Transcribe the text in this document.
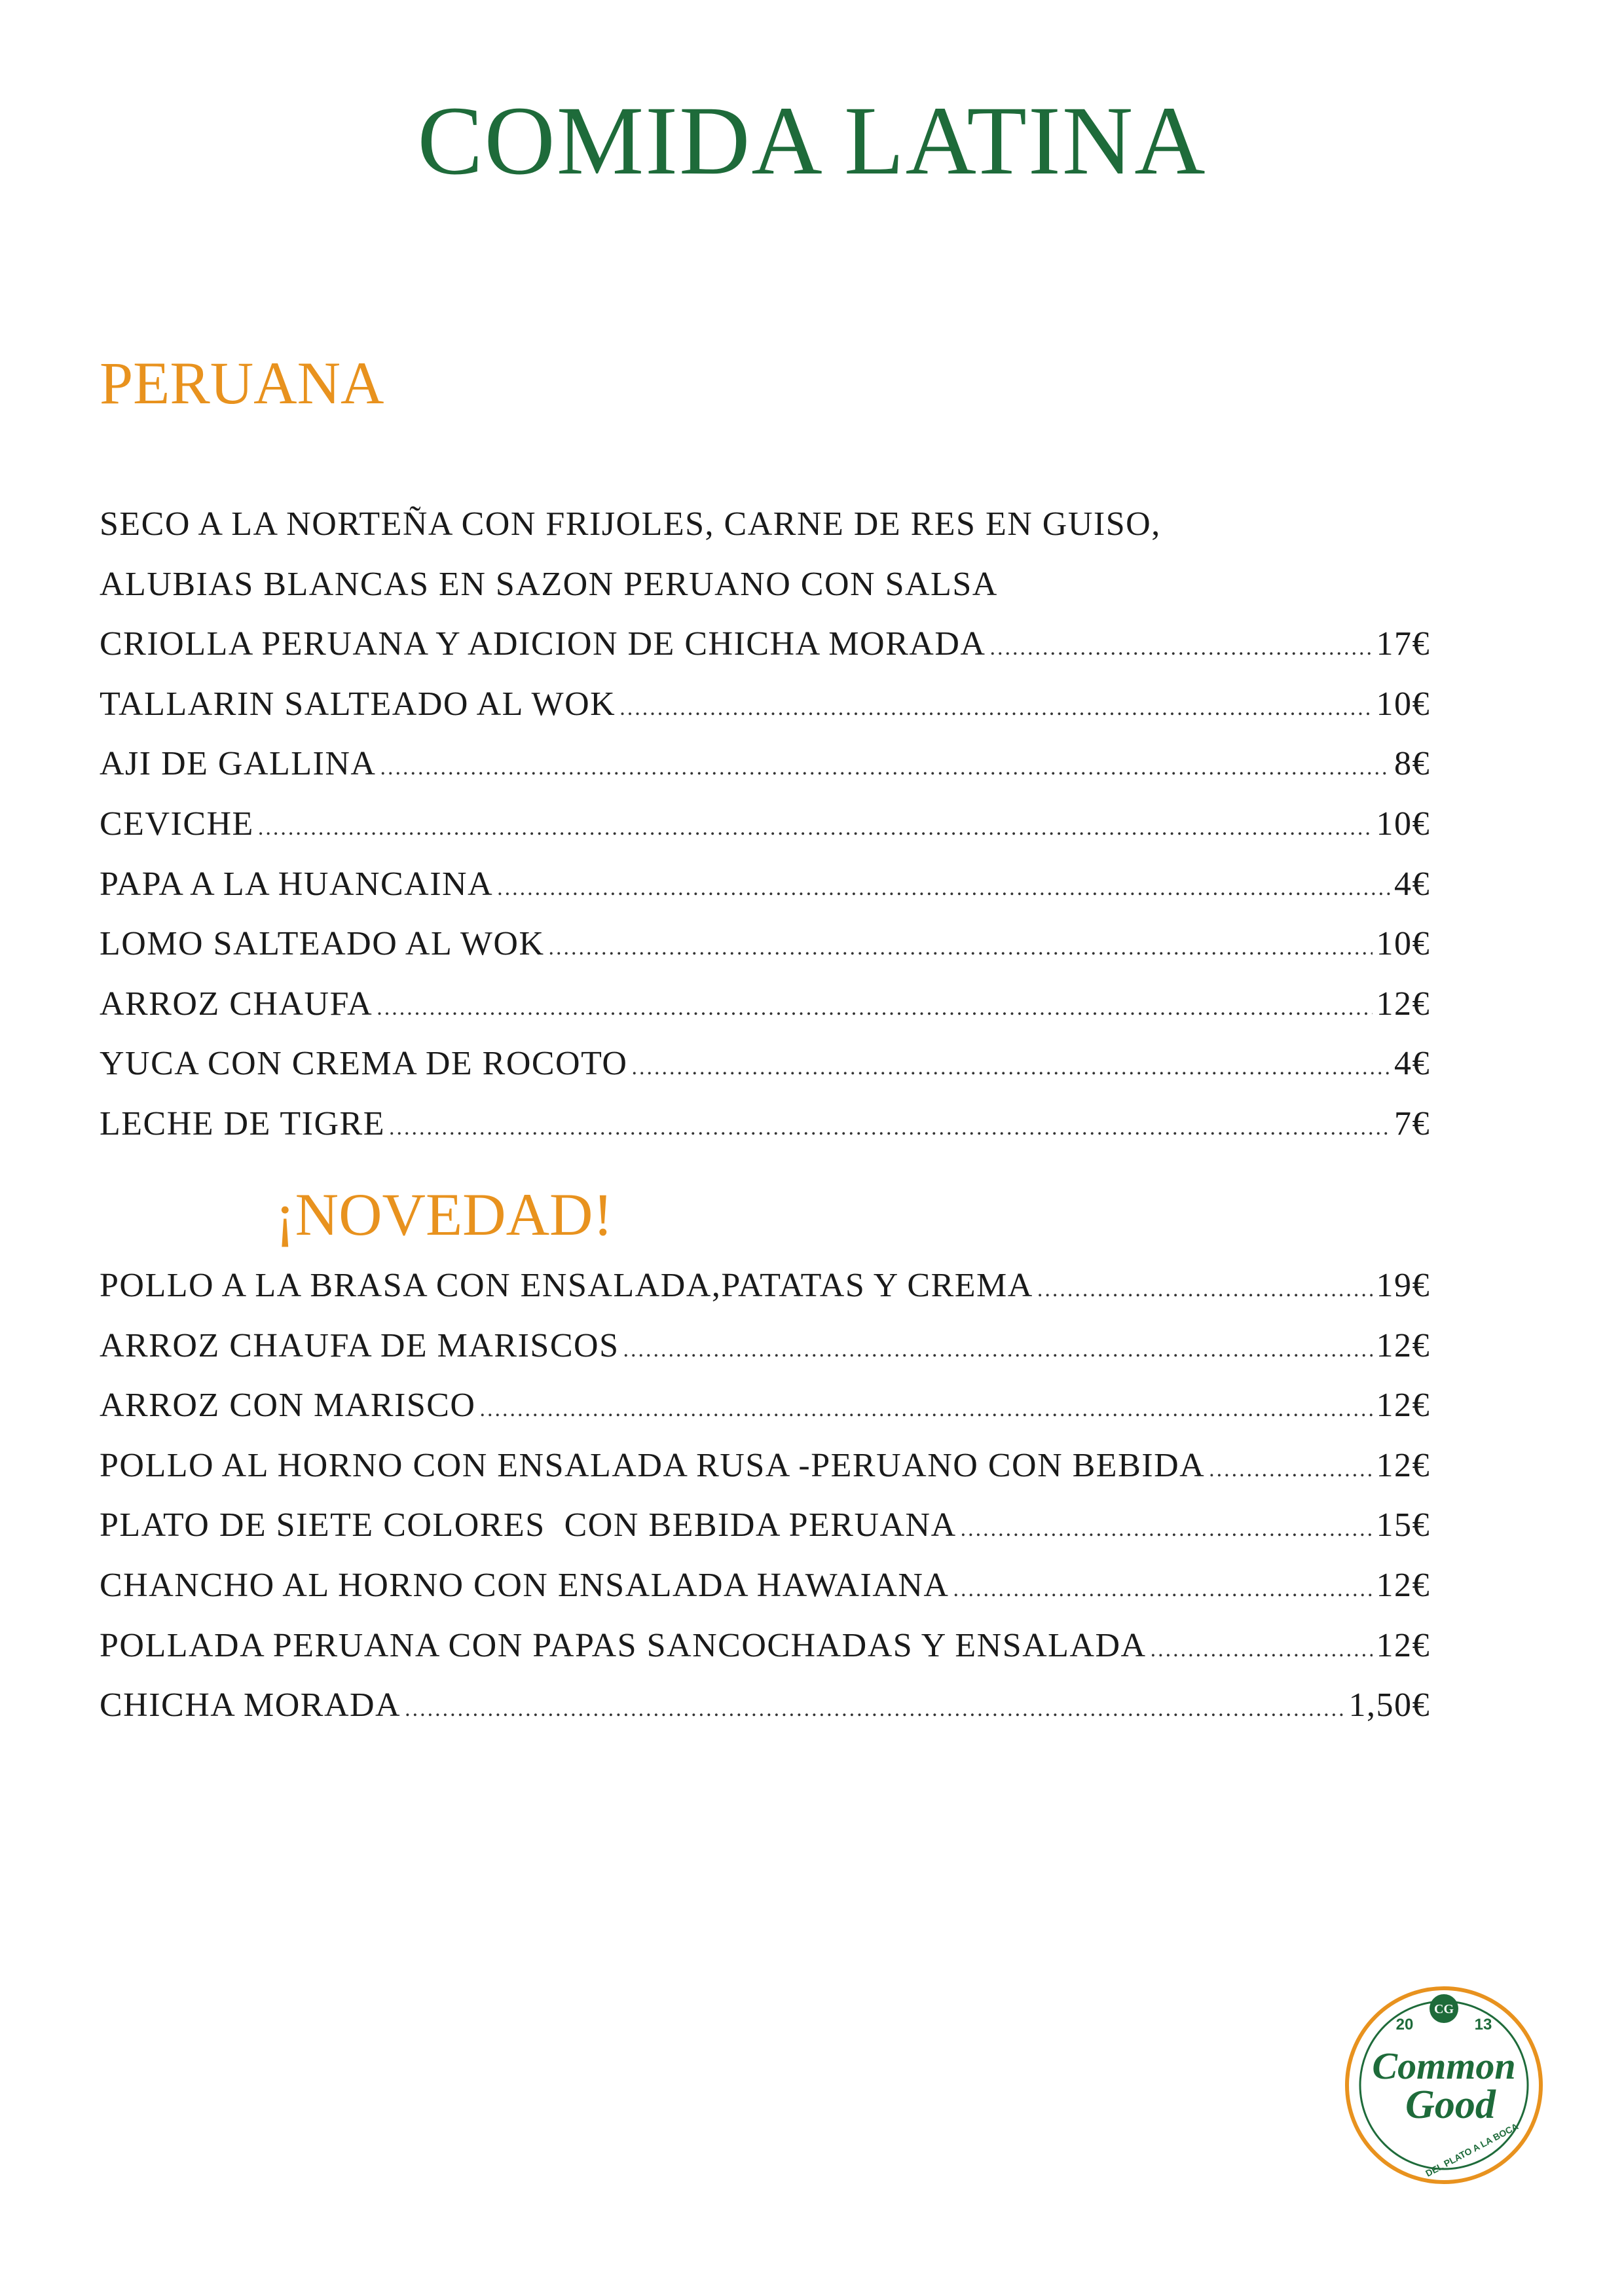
COMIDA LATINA
PERUANA
SECO A LA NORTEÑA CON FRIJOLES, CARNE DE RES EN GUISO,
ALUBIAS BLANCAS EN SAZON PERUANO CON SALSA
CRIOLLA PERUANA Y ADICION DE CHICHA MORADA .....	17€
TALLARIN SALTEADO AL WOK .....	10€
AJI DE GALLINA .....	8€
CEVICHE .....	10€
PAPA A LA HUANCAINA .....	4€
LOMO SALTEADO AL WOK .....	10€
ARROZ CHAUFA .....	12€
YUCA CON CREMA DE ROCOTO .....	4€
LECHE DE TIGRE .....	7€
¡NOVEDAD!
POLLO A LA BRASA CON ENSALADA,PATATAS Y CREMA .....	19€
ARROZ CHAUFA DE MARISCOS .....	12€
ARROZ CON MARISCO .....	12€
POLLO AL HORNO CON ENSALADA RUSA -PERUANO CON BEBIDA .....	12€
PLATO DE SIETE COLORES  CON BEBIDA PERUANA .....	15€
CHANCHO AL HORNO CON ENSALADA HAWAIANA .....	12€
POLLADA PERUANA CON PAPAS SANCOCHADAS Y ENSALADA .....	12€
CHICHA MORADA .....	1,50€
CG
20	13
Common
Good
DEL PLATO A LA BOCA
